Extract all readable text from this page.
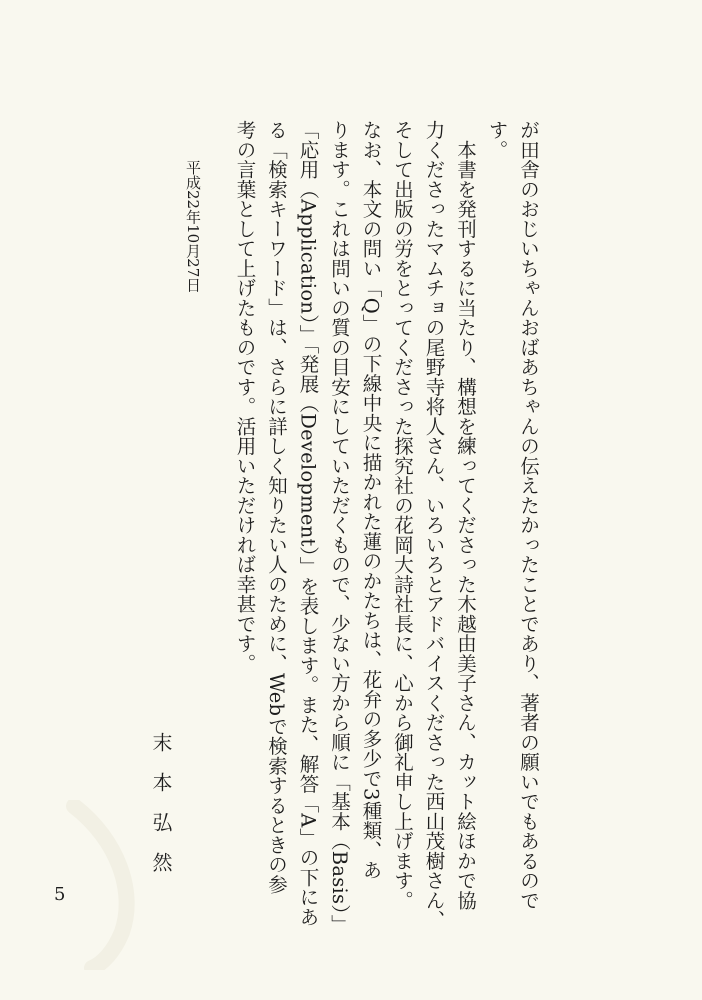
が田舎のおじいちゃんおばあちゃんの伝えたかったことであり、著者の願いでもあるので

す。

　本書を発刊するに当たり、構想を練ってくださった木越由美子さん、カット絵ほかで協

力くださったマムチョの尾野寺将人さん、いろいろとアドバイスくださった西山茂樹さん、

そして出版の労をとってくださった探究社の花岡大詩社長に、心から御礼申し上げます。

なお、本文の問い「Q」の下線中央に描かれた蓮のかたちは、花弁の多少で3種類、あ

ります。これは問いの質の目安にしていただくもので、少ない方から順に「基本（Basis）」

「応用（Application）」「発展（Development）」を表します。また、解答「A」の下にあ

る「検索キーワード」は、さらに詳しく知りたい人のために、Webで検索するときの参

考の言葉として上げたものです。活用いただければ幸甚です。

平成22年10月27日
末本弘然
5
